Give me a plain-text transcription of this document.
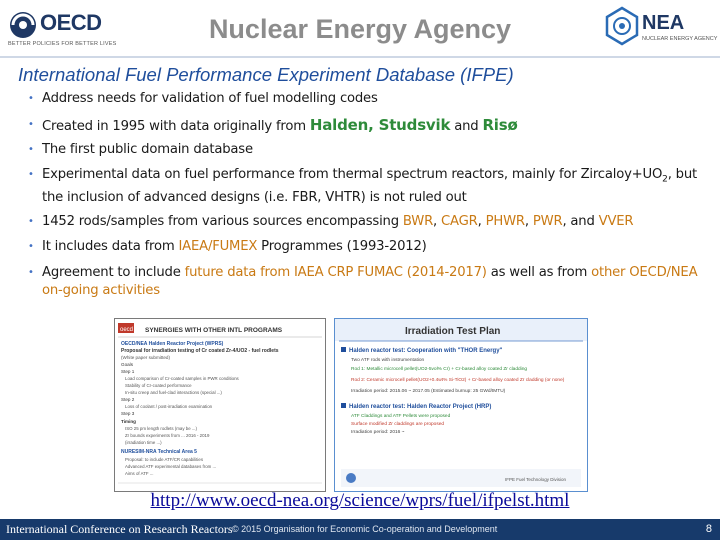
OECD
BETTER POLICIES FOR BETTER LIVES	Nuclear Energy Agency	NEA
NUCLEAR ENERGY AGENCY
International Fuel Performance Experiment Database (IFPE)
• Address needs for validation of fuel modelling codes
• Created in 1995 with data originally from Halden, Studsvik and Risø
• The first public domain database
• Experimental data on fuel performance from thermal spectrum reactors, mainly for $Zircaloy+UO_2$, but the inclusion of advanced designs (i.e. FBR, VHTR) is not ruled out
• 1452 rods/samples from various sources encompassing BWR, CAGR, PHWR, PWR, and VVER
• It includes data from IAEA/FUMEX Programmes (1993-2012)
• Agreement to include future data from IAEA CRP FUMAC (2014-2017) as well as from other OECD/NEA on-going activities
oecd SYNERGIES WITH OTHER INTL PROGRAMS
OECD/NEA Halden Reactor Project (WPRS)
Proposal for irradiation testing of Cr coated Zr-4/UO2 - fuel rodlets
(White paper submitted)
Goals
Step 1
Load comparison of Cr-coated samples in PWR conditions
Stability of Cr-coated performance
In-situ creep and fuel-clad interactions (special ...)
Step 2
Loss of coolant / post-irradiation examination
Step 3
Timing
ISO 25 pm length rodlets (may be ...)
Zr bounds experiments from ... 2016 - 2019
(irradiation time ...)
NURESIM-NRA Technical Area 5
Proposal: to include ATF/CR capabilities
Advanced ATF experimental databases from ...
Aims of ATF ...
Irradiation Test Plan
Halden reactor test: Cooperation with "THOR Energy"
Two ATF rods with instrumentation
Rod 1: Metallic microcell pellet(UO2-5vol% Cr) + Cr-based alloy coated Zr cladding
Rod 2: Ceramic microcell pellet(UO2+0.4wt% Si-TiO2) + Cr-based alloy coated Zr cladding (or none)
Irradiation period: 2015.06 ~ 2017.05 (Estimated burnup: 25 GWd/tMTU)
Halden reactor test: Halden Reactor Project (HRP)
ATF Claddings and ATF Pellets were proposed
Surface modified Zr claddings are proposed
Irradiation period: 2016 ~
IFPE Fuel Technology Division
http://www.oecd-nea.org/science/wprs/fuel/ifpelst.html
International Conference on Research Reactors © 2015 Organisation for Economic Co-operation and Development	8
